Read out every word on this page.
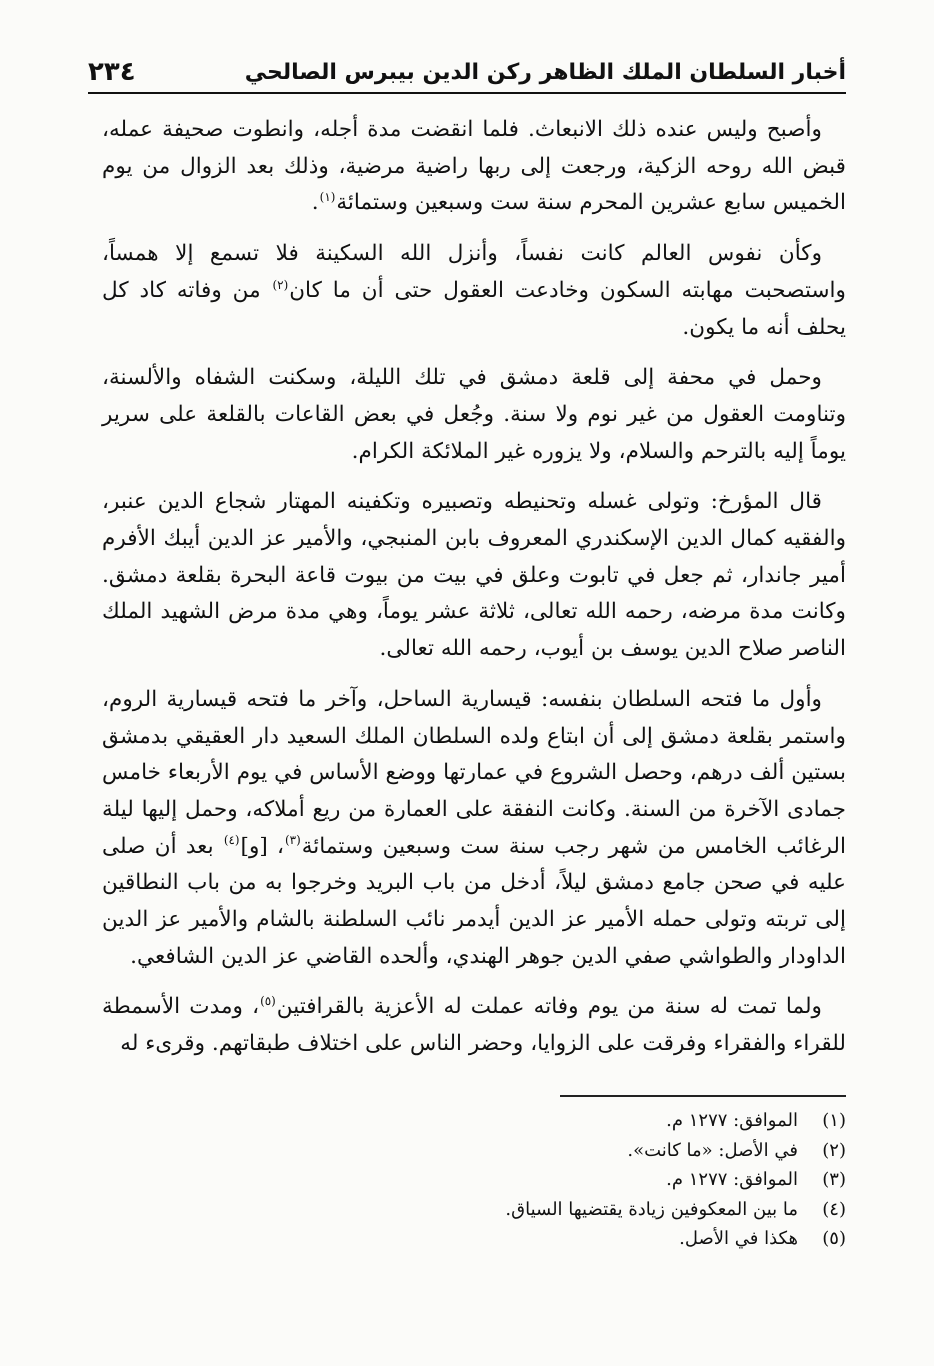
أخبار السلطان الملك الظاهر ركن الدين بيبرس الصالحي
٢٣٤

وأصبح وليس عنده ذلك الانبعاث. فلما انقضت مدة أجله، وانطوت صحيفة عمله، قبض الله روحه الزكية، ورجعت إلى ربها راضية مرضية، وذلك بعد الزوال من يوم الخميس سابع عشرين المحرم سنة ست وسبعين وستمائة$^{(١)}$.

وكأن نفوس العالم كانت نفساً، وأنزل الله السكينة فلا تسمع إلا همساً، واستصحبت مهابته السكون وخادعت العقول حتى أن ما كان$^{(٢)}$ من وفاته كاد كل يحلف أنه ما يكون.

وحمل في محفة إلى قلعة دمشق في تلك الليلة، وسكنت الشفاه والألسنة، وتناومت العقول من غير نوم ولا سنة. وجُعل في بعض القاعات بالقلعة على سرير يوماً إليه بالترحم والسلام، ولا يزوره غير الملائكة الكرام.

قال المؤرخ: وتولى غسله وتحنيطه وتصبيره وتكفينه المهتار شجاع الدين عنبر، والفقيه كمال الدين الإسكندري المعروف بابن المنبجي، والأمير عز الدين أيبك الأفرم أمير جاندار، ثم جعل في تابوت وعلق في بيت من بيوت قاعة البحرة بقلعة دمشق. وكانت مدة مرضه، رحمه الله تعالى، ثلاثة عشر يوماً، وهي مدة مرض الشهيد الملك الناصر صلاح الدين يوسف بن أيوب، رحمه الله تعالى.

وأول ما فتحه السلطان بنفسه: قيسارية الساحل، وآخر ما فتحه قيسارية الروم، واستمر بقلعة دمشق إلى أن ابتاع ولده السلطان الملك السعيد دار العقيقي بدمشق بستين ألف درهم، وحصل الشروع في عمارتها ووضع الأساس في يوم الأربعاء خامس جمادى الآخرة من السنة. وكانت النفقة على العمارة من ريع أملاكه، وحمل إليها ليلة الرغائب الخامس من شهر رجب سنة ست وسبعين وستمائة$^{(٣)}$، [و]$^{(٤)}$ بعد أن صلى عليه في صحن جامع دمشق ليلاً، أدخل من باب البريد وخرجوا به من باب النطاقين إلى تربته وتولى حمله الأمير عز الدين أيدمر نائب السلطنة بالشام والأمير عز الدين الداودار والطواشي صفي الدين جوهر الهندي، وألحده القاضي عز الدين الشافعي.

ولما تمت له سنة من يوم وفاته عملت له الأعزية بالقرافتين$^{(٥)}$، ومدت الأسمطة للقراء والفقراء وفرقت على الزوايا، وحضر الناس على اختلاف طبقاتهم. وقرىء له

(١)
الموافق: ١٢٧٧ م.
(٢)
في الأصل: «ما كانت».
(٣)
الموافق: ١٢٧٧ م.
(٤)
ما بين المعكوفين زيادة يقتضيها السياق.
(٥)
هكذا في الأصل.
